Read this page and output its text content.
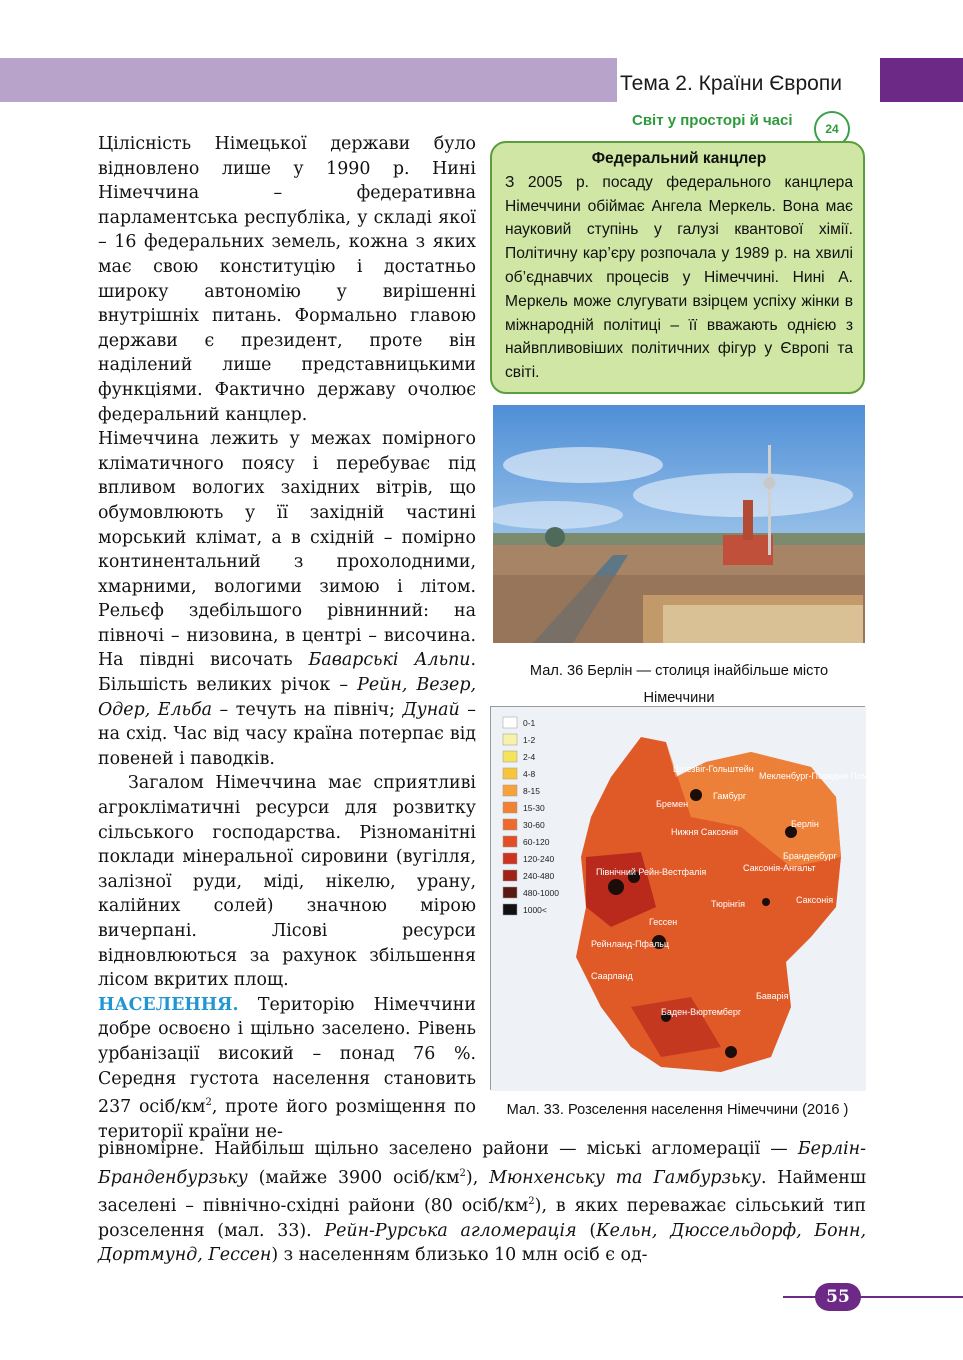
Тема 2. Країни Європи

Цілісність Німецької держави було відновлено лише у 1990 р. Нині Німеччина – федеративна парламентська республіка, у складі якої – 16 федеральних земель, кожна з яких має свою конституцію і достатньо широку автономію у вирішенні внутрішніх питань. Формально главою держави є президент, проте він наділений лише представницькими функціями. Фактично державу очолює федеральний канцлер.

Німеччина лежить у межах помірного кліматичного поясу і перебуває під впливом вологих західних вітрів, що обумовлюють у її західній частині морський клімат, а в східній – помірно континентальний з прохолодними, хмарними, вологими зимою і літом. Рельєф здебільшого рівнинний: на півночі – низовина, в центрі – височина. На півдні височать Баварські Альпи. Більшість великих річок – Рейн, Везер, Одер, Ельба – течуть на північ; Дунай – на схід. Час від часу країна потерпає від повеней і паводків.

Загалом Німеччина має сприятливі агрокліматичні ресурси для розвитку сільського господарства. Різноманітні поклади мінеральної сировини (вугілля, залізної руди, міді, нікелю, урану, калійних солей) значною мірою вичерпані. Лісові ресурси відновлюються за рахунок збільшення лісом вкритих площ.

НАСЕЛЕННЯ. Територію Німеччини добре освоєно і щільно заселено. Рівень урбанізації високий – понад 76 %. Середня густота населення становить 237 осіб/$км^2$, проте його розміщення по території країни не-

Світ у просторі й часі	24
Федеральний канцлер

З 2005 р. посаду федерального канцлера Німеччини обіймає Ангела Меркель. Вона має науковий ступінь у галузі квантової хімії. Політичну кар’єру розпочала у 1989 р. на хвилі об’єднавчих процесів у Німеччині. Нині А. Меркель може слугувати взірцем успіху жінки в міжнародній політиці – її вважають однією з найвпливовіших політичних фігур у Європі та світі.

Мал. 36 Берлін — столиця інайбільше місто Німеччини
Шлезвіг-Гольштейн
Мекленбург-Передня Померанія
Гамбург
Бремен
Нижня Саксонія
Берлін
Бранденбург
Саксонія-Ангальт
Північний Рейн-Вестфалія
Тюрінгія	Саксонія
Гессен
Рейнланд-Пфальц
Саарланд
Баден-Вюртемберг
Баварія
0-1
1-2
2-4
4-8
8-15
15-30
30-60
60-120
120-240
240-480
480-1000
1000<
Мал. 33. Розселення населення Німеччини (2016 )
рівномірне. Найбільш щільно заселено райони — міські агломерації — Берлін-Бранденбурзьку (майже 3900 осіб/$км^2$), Мюнхенську та Гамбурзьку. Найменш заселені – північно-східні райони (80 осіб/$км^2$), в яких переважає сільський тип розселення (мал. 33). Рейн-Рурська агломерація (Кельн, Дюссельдорф, Бонн, Дортмунд, Гессен) з населенням близько 10 млн осіб є од-
55
